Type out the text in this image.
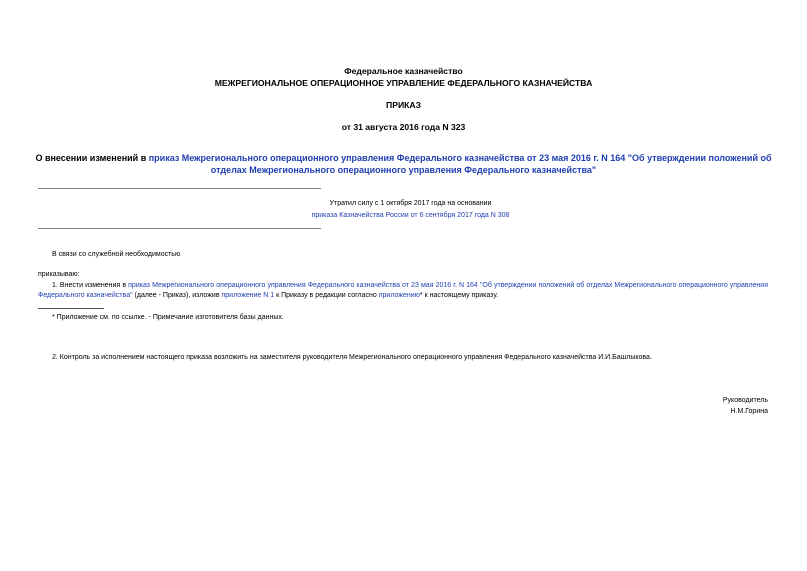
Федеральное казначейство
МЕЖРЕГИОНАЛЬНОЕ ОПЕРАЦИОННОЕ УПРАВЛЕНИЕ ФЕДЕРАЛЬНОГО КАЗНАЧЕЙСТВА
ПРИКАЗ
от 31 августа 2016 года N 323
О внесении изменений в приказ Межрегионального операционного управления Федерального казначейства от 23 мая 2016 г. N 164 "Об утверждении положений об отделах Межрегионального операционного управления Федерального казначейства"
Утратил силу с 1 октября 2017 года на основании
приказа Казначейства России от 6 сентября 2017 года N 308
В связи со служебной необходимостью
приказываю:
1. Внести изменения в приказ Межрегионального операционного управления Федерального казначейства от 23 мая 2016 г. N 164 "Об утверждении положений об отделах Межрегионального операционного управления Федерального казначейства" (далее - Приказ), изложив приложение N 1 к Приказу в редакции согласно приложению* к настоящему приказу.
* Приложение см. по ссылке. - Примечание изготовителя базы данных.
2. Контроль за исполнением настоящего приказа возложить на заместителя руководителя Межрегионального операционного управления Федерального казначейства И.И.Башлыкова.
Руководитель
Н.М.Горина
